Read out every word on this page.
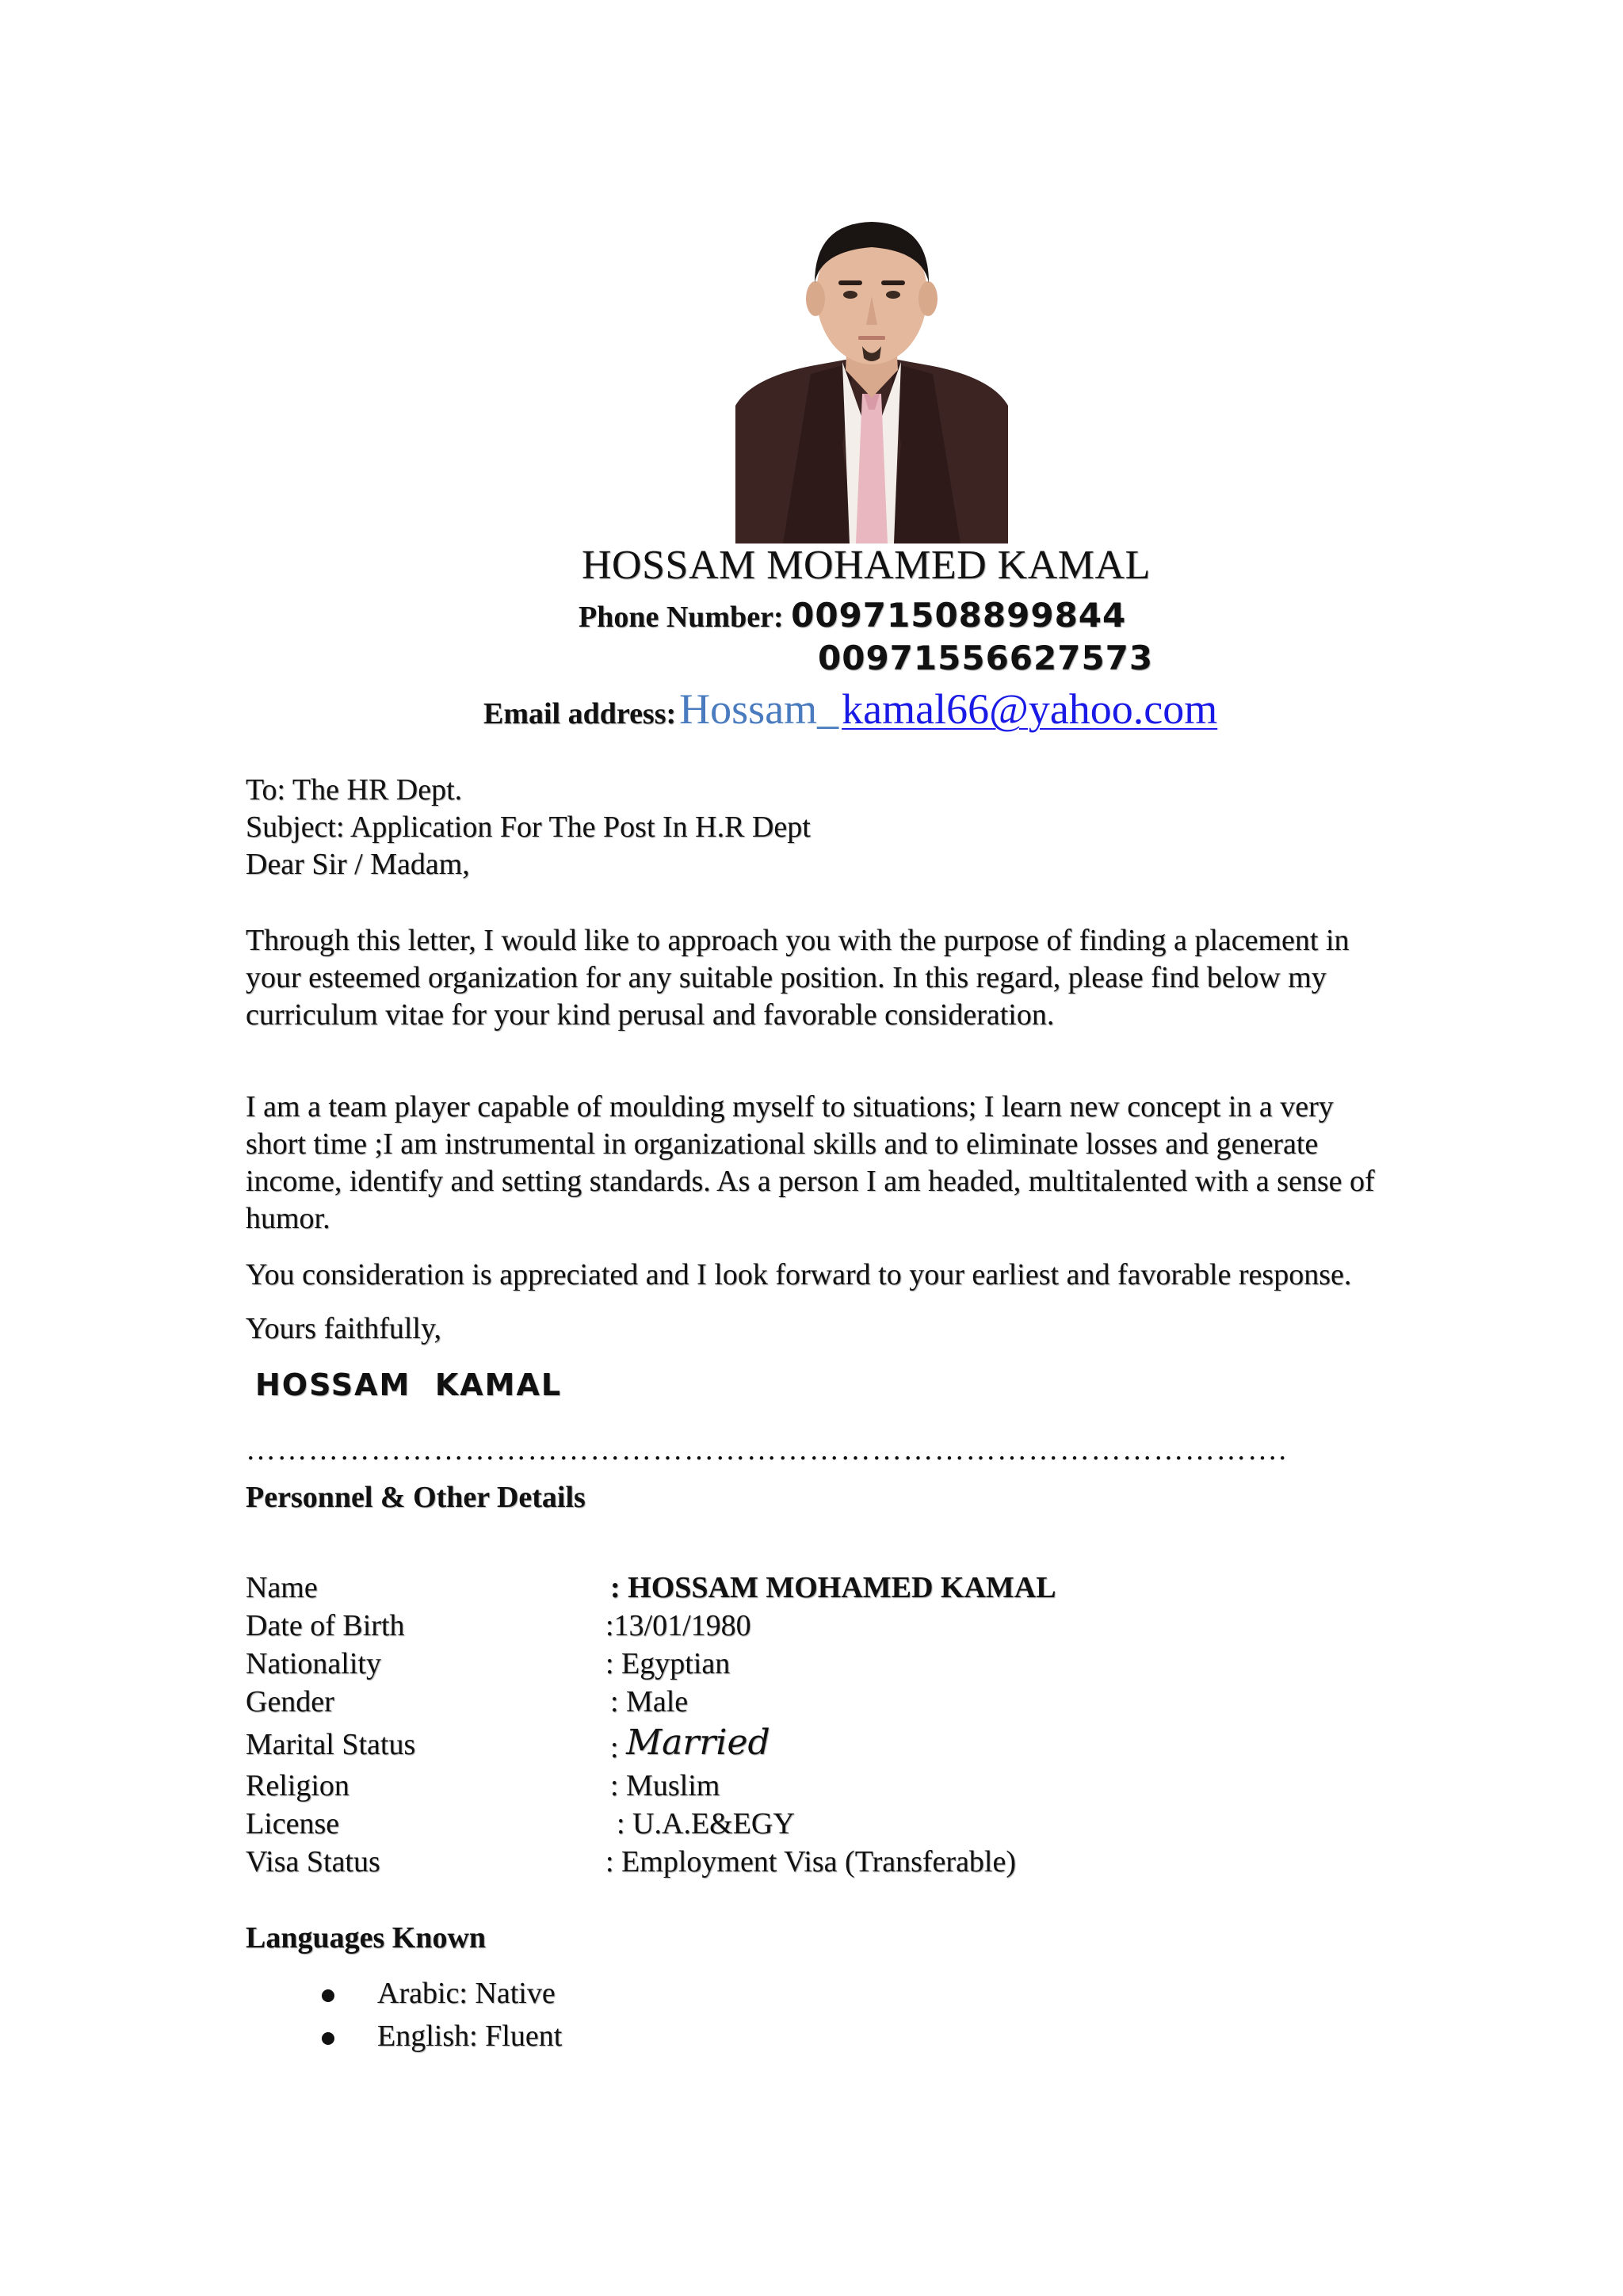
HOSSAM MOHAMED KAMAL
Phone Number: 00971508899844
00971556627573
Email address: Hossam_ kamal66@yahoo.com
To: The HR Dept.
Subject: Application For The Post In H.R Dept
Dear Sir / Madam,
Through this letter, I would like to approach you with the purpose of finding a placement in
your esteemed organization for any suitable position. In this regard, please find below my
curriculum vitae for your kind perusal and favorable consideration.
I am a team player capable of moulding myself to situations; I learn new concept in a very
short time ;I am instrumental in organizational skills and to eliminate losses and generate
income, identify and setting standards. As a person I am headed, multitalented with a sense of
humor.
You consideration is appreciated and I look forward to your earliest and favorable response.
Yours faithfully,
HOSSAM  KAMAL
……………………………………………………………………………………….
Personnel & Other Details
Name	: HOSSAM MOHAMED KAMAL
Date of Birth	:13/01/1980
Nationality	: Egyptian
Gender	: Male
Marital Status	: Married
Religion	: Muslim
License	: U.A.E&EGY
Visa Status	: Employment Visa (Transferable)
Languages Known
Arabic: Native
English: Fluent
